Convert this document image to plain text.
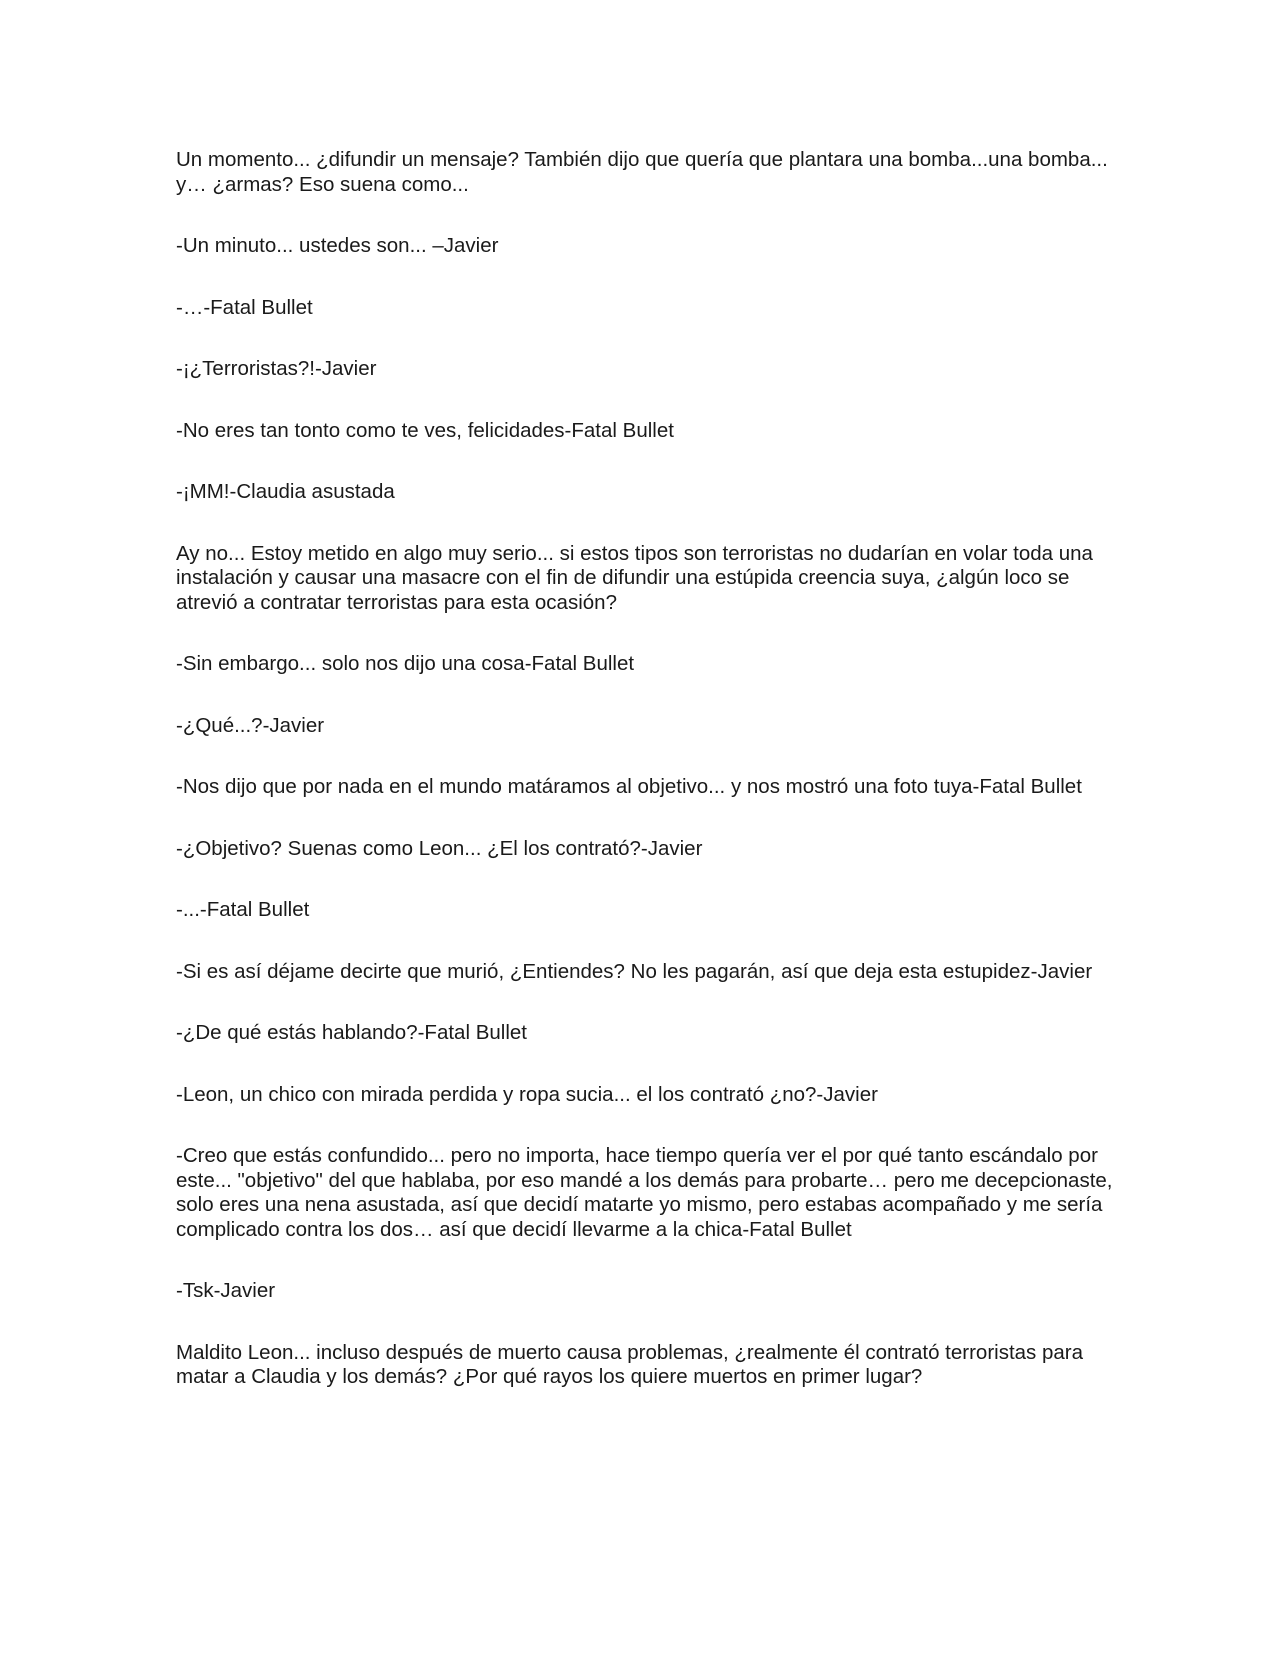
Un momento... ¿difundir un mensaje? También dijo que quería que plantara una bomba...una bomba... y… ¿armas? Eso suena como...

-Un minuto... ustedes son... –Javier

-…-Fatal Bullet

-¡¿Terroristas?!-Javier

-No eres tan tonto como te ves, felicidades-Fatal Bullet

-¡MM!-Claudia asustada

Ay no... Estoy metido en algo muy serio... si estos tipos son terroristas no dudarían en volar toda una instalación y causar una masacre con el fin de difundir una estúpida creencia suya, ¿algún loco se atrevió a contratar terroristas para esta ocasión?

-Sin embargo... solo nos dijo una cosa-Fatal Bullet

-¿Qué...?-Javier

-Nos dijo que por nada en el mundo matáramos al objetivo... y nos mostró una foto tuya-Fatal Bullet

-¿Objetivo? Suenas como Leon... ¿El los contrató?-Javier

-...-Fatal Bullet

-Si es así déjame decirte que murió, ¿Entiendes? No les pagarán, así que deja esta estupidez-Javier

-¿De qué estás hablando?-Fatal Bullet

-Leon, un chico con mirada perdida y ropa sucia... el los contrató ¿no?-Javier

-Creo que estás confundido... pero no importa, hace tiempo quería ver el por qué tanto escándalo por este... "objetivo" del que hablaba, por eso mandé a los demás para probarte… pero me decepcionaste, solo eres una nena asustada, así que decidí matarte yo mismo, pero estabas acompañado y me sería complicado contra los dos… así que decidí llevarme a la chica-Fatal Bullet

-Tsk-Javier

Maldito Leon... incluso después de muerto causa problemas, ¿realmente él contrató terroristas para matar a Claudia y los demás? ¿Por qué rayos los quiere muertos en primer lugar?
